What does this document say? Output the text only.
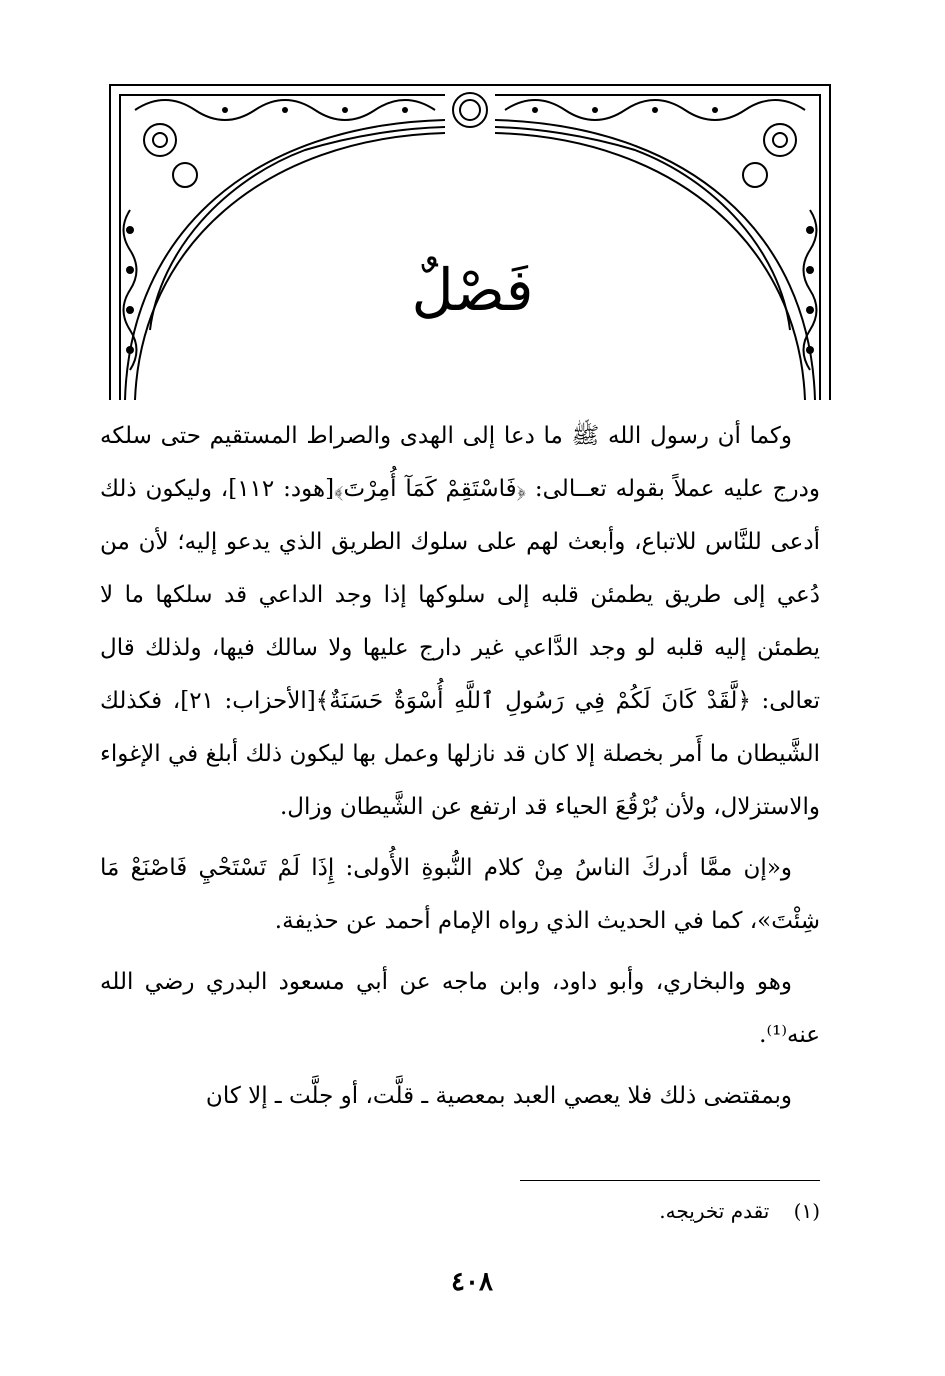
فَصْلٌ

وكما أن رسول الله ﷺ ما دعا إلى الهدى والصراط المستقيم حتى سلكه ودرج عليه عملاً بقوله تعــالى: ﴿فَاسْتَقِمْ كَمَآ أُمِرْتَ﴾[هود: ١١٢]، وليكون ذلك أدعى للنَّاس للاتباع، وأبعث لهم على سلوك الطريق الذي يدعو إليه؛ لأن من دُعي إلى طريق يطمئن قلبه إلى سلوكها إذا وجد الداعي قد سلكها ما لا يطمئن إليه قلبه لو وجد الدَّاعي غير دارج عليها ولا سالك فيها، ولذلك قال تعالى: ﴿لَّقَدْ كَانَ لَكُمْ فِي رَسُولِ ٱللَّهِ أُسْوَةٌ حَسَنَةٌ﴾[الأحزاب: ٢١]، فكذلك الشَّيطان ما أَمر بخصلة إلا كان قد نازلها وعمل بها ليكون ذلك أبلغ في الإغواء والاستزلال، ولأن بُرْقُعَ الحياء قد ارتفع عن الشَّيطان وزال.

و«إن ممَّا أدركَ الناسُ مِنْ كلام النُّبوةِ الأُولى: إِذَا لَمْ تَسْتَحْيِ فَاصْنَعْ مَا شِئْتَ»، كما في الحديث الذي رواه الإمام أحمد عن حذيفة.

وهو والبخاري، وأبو داود، وابن ماجه عن أبي مسعود البدري رضي الله عنه⁽¹⁾.

وبمقتضى ذلك فلا يعصي العبد بمعصية ـ قلَّت، أو جلَّت ـ إلا كان

(١) تقدم تخريجه.
٤٠٨
